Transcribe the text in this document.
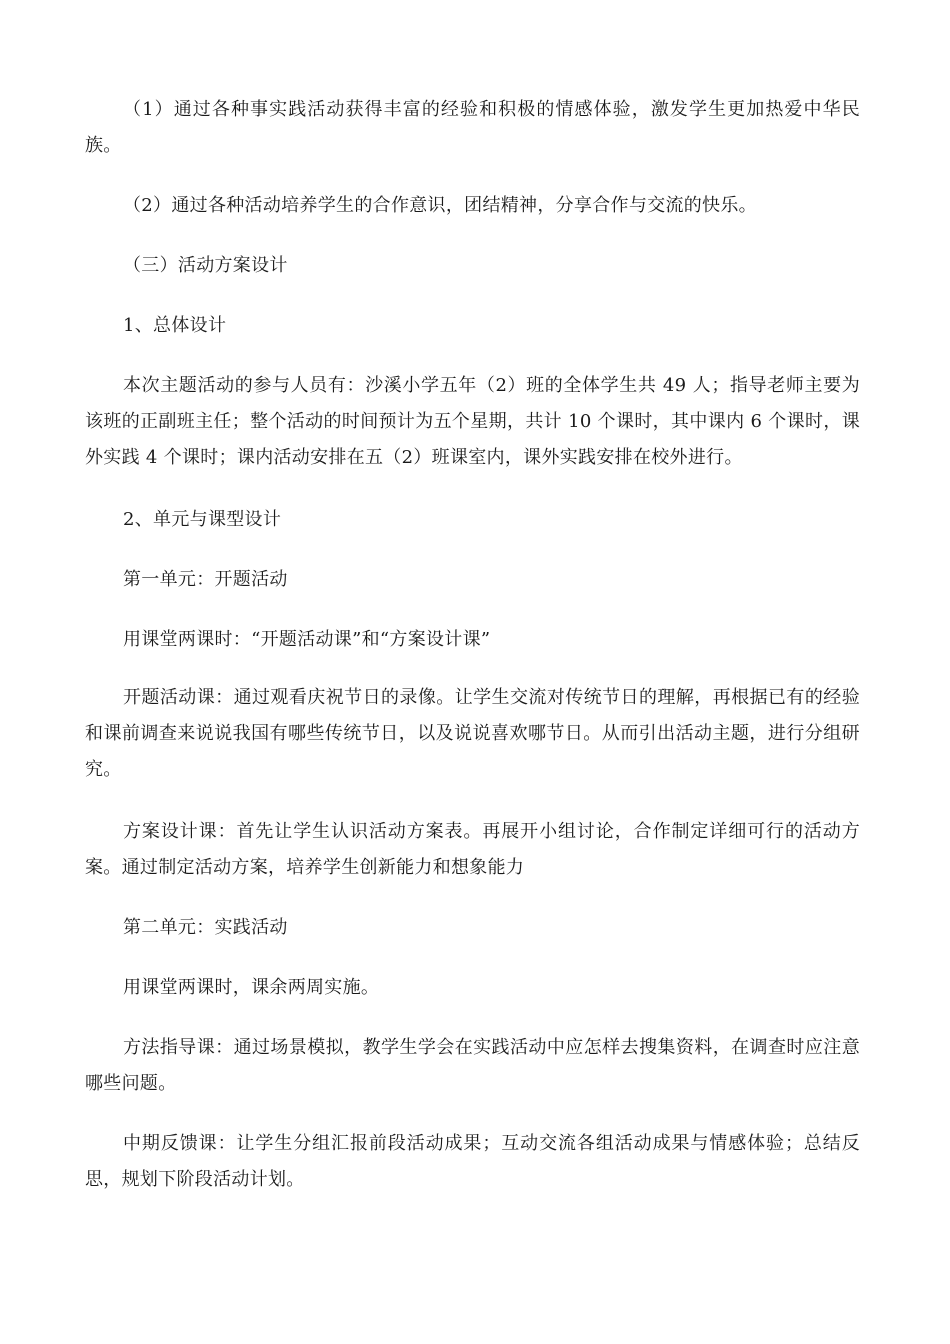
（1）通过各种事实践活动获得丰富的经验和积极的情感体验，激发学生更加热爱中华民族。

（2）通过各种活动培养学生的合作意识，团结精神，分享合作与交流的快乐。

（三）活动方案设计

1、总体设计

本次主题活动的参与人员有：沙溪小学五年（2）班的全体学生共 49 人；指导老师主要为该班的正副班主任；整个活动的时间预计为五个星期，共计 10 个课时，其中课内 6 个课时，课外实践 4 个课时；课内活动安排在五（2）班课室内，课外实践安排在校外进行。

2、单元与课型设计

第一单元：开题活动

用课堂两课时：“开题活动课”和“方案设计课”

开题活动课：通过观看庆祝节日的录像。让学生交流对传统节日的理解，再根据已有的经验和课前调查来说说我国有哪些传统节日，以及说说喜欢哪节日。从而引出活动主题，进行分组研究。

方案设计课：首先让学生认识活动方案表。再展开小组讨论，合作制定详细可行的活动方案。通过制定活动方案，培养学生创新能力和想象能力

第二单元：实践活动

用课堂两课时，课余两周实施。

方法指导课：通过场景模拟，教学生学会在实践活动中应怎样去搜集资料，在调查时应注意哪些问题。

中期反馈课：让学生分组汇报前段活动成果；互动交流各组活动成果与情感体验；总结反思，规划下阶段活动计划。
